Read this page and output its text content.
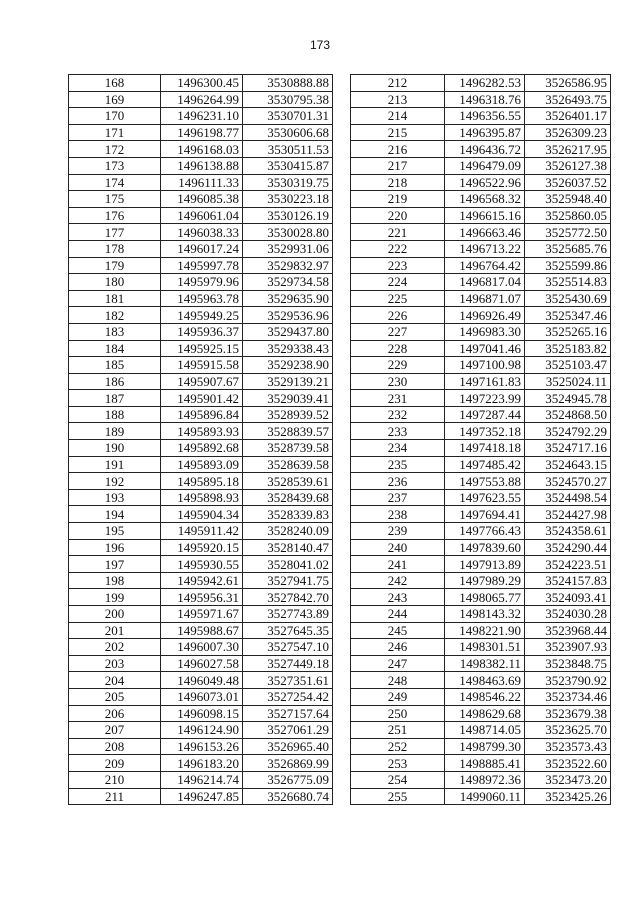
173
168	1496300.45	3530888.88
169	1496264.99	3530795.38
170	1496231.10	3530701.31
171	1496198.77	3530606.68
172	1496168.03	3530511.53
173	1496138.88	3530415.87
174	1496111.33	3530319.75
175	1496085.38	3530223.18
176	1496061.04	3530126.19
177	1496038.33	3530028.80
178	1496017.24	3529931.06
179	1495997.78	3529832.97
180	1495979.96	3529734.58
181	1495963.78	3529635.90
182	1495949.25	3529536.96
183	1495936.37	3529437.80
184	1495925.15	3529338.43
185	1495915.58	3529238.90
186	1495907.67	3529139.21
187	1495901.42	3529039.41
188	1495896.84	3528939.52
189	1495893.93	3528839.57
190	1495892.68	3528739.58
191	1495893.09	3528639.58
192	1495895.18	3528539.61
193	1495898.93	3528439.68
194	1495904.34	3528339.83
195	1495911.42	3528240.09
196	1495920.15	3528140.47
197	1495930.55	3528041.02
198	1495942.61	3527941.75
199	1495956.31	3527842.70
200	1495971.67	3527743.89
201	1495988.67	3527645.35
202	1496007.30	3527547.10
203	1496027.58	3527449.18
204	1496049.48	3527351.61
205	1496073.01	3527254.42
206	1496098.15	3527157.64
207	1496124.90	3527061.29
208	1496153.26	3526965.40
209	1496183.20	3526869.99
210	1496214.74	3526775.09
211	1496247.85	3526680.74
212	1496282.53	3526586.95
213	1496318.76	3526493.75
214	1496356.55	3526401.17
215	1496395.87	3526309.23
216	1496436.72	3526217.95
217	1496479.09	3526127.38
218	1496522.96	3526037.52
219	1496568.32	3525948.40
220	1496615.16	3525860.05
221	1496663.46	3525772.50
222	1496713.22	3525685.76
223	1496764.42	3525599.86
224	1496817.04	3525514.83
225	1496871.07	3525430.69
226	1496926.49	3525347.46
227	1496983.30	3525265.16
228	1497041.46	3525183.82
229	1497100.98	3525103.47
230	1497161.83	3525024.11
231	1497223.99	3524945.78
232	1497287.44	3524868.50
233	1497352.18	3524792.29
234	1497418.18	3524717.16
235	1497485.42	3524643.15
236	1497553.88	3524570.27
237	1497623.55	3524498.54
238	1497694.41	3524427.98
239	1497766.43	3524358.61
240	1497839.60	3524290.44
241	1497913.89	3524223.51
242	1497989.29	3524157.83
243	1498065.77	3524093.41
244	1498143.32	3524030.28
245	1498221.90	3523968.44
246	1498301.51	3523907.93
247	1498382.11	3523848.75
248	1498463.69	3523790.92
249	1498546.22	3523734.46
250	1498629.68	3523679.38
251	1498714.05	3523625.70
252	1498799.30	3523573.43
253	1498885.41	3523522.60
254	1498972.36	3523473.20
255	1499060.11	3523425.26
